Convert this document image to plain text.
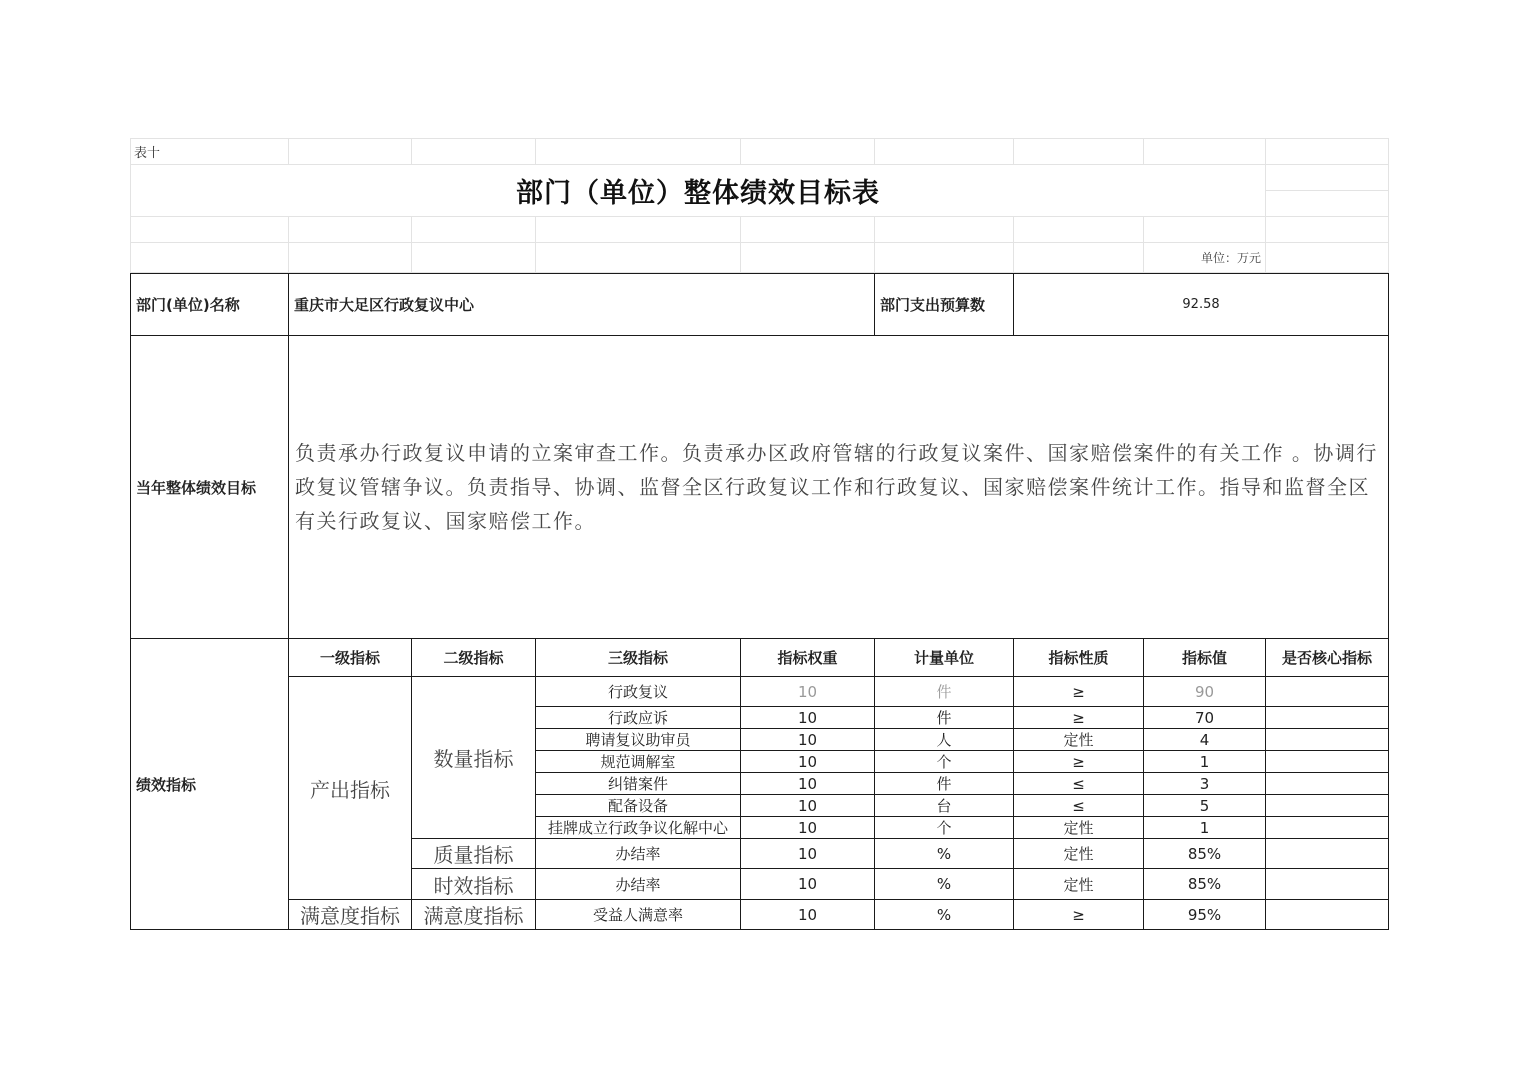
表十								
部门（单位）整体绩效目标表								

							单位：万元	
部门(单位)名称	重庆市大足区行政复议中心				部门支出预算数	92.58		
当年整体绩效目标	负责承办行政复议申请的立案审查工作。负责承办区政府管辖的行政复议案件、国家赔偿案件的有关工作 。协调行政复议管辖争议。负责指导、协调、监督全区行政复议工作和行政复议、国家赔偿案件统计工作。指导和监督全区有关行政复议、国家赔偿工作。							
绩效指标	一级指标	二级指标	三级指标	指标权重	计量单位	指标性质	指标值	是否核心指标
	产出指标	数量指标	行政复议	10	件	≥	90	
			行政应诉	10	件	≥	70	
			聘请复议助审员	10	人	定性	4	
			规范调解室	10	个	≥	1	
			纠错案件	10	件	≤	3	
			配备设备	10	台	≤	5	
			挂牌成立行政争议化解中心	10	个	定性	1	
		质量指标	办结率	10	%	定性	85%	
		时效指标	办结率	10	%	定性	85%	
	满意度指标	满意度指标	受益人满意率	10	%	≥	95%	
